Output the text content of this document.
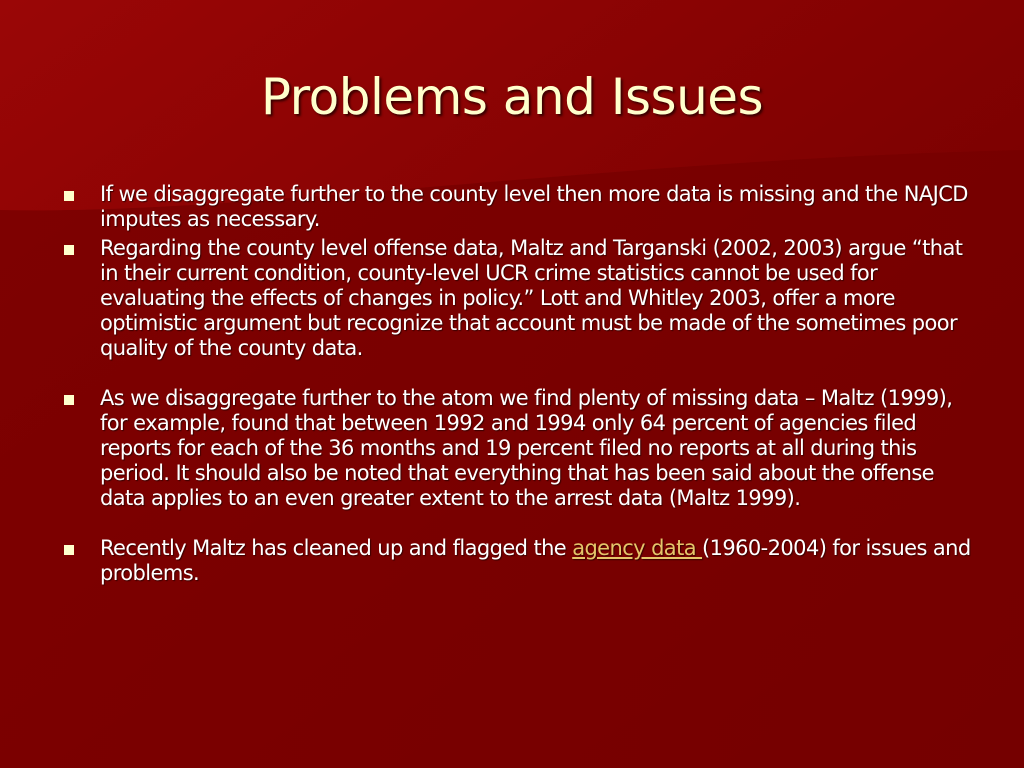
Problems and Issues
If we disaggregate further to the county level then more data is missing and the NAJCD imputes as necessary.
Regarding the county level offense data, Maltz and Targanski (2002, 2003) argue “that in their current condition, county-level UCR crime statistics cannot be used for evaluating the effects of changes in policy.” Lott and Whitley 2003, offer a more optimistic argument but recognize that account must be made of the sometimes poor quality of the county data.
As we disaggregate further to the atom we find plenty of missing data – Maltz (1999), for example, found that between 1992 and 1994 only 64 percent of agencies filed reports for each of the 36 months and 19 percent filed no reports at all during this period. It should also be noted that everything that has been said about the offense data applies to an even greater extent to the arrest data (Maltz 1999).
Recently Maltz has cleaned up and flagged the agency data (1960-2004) for issues and problems.
